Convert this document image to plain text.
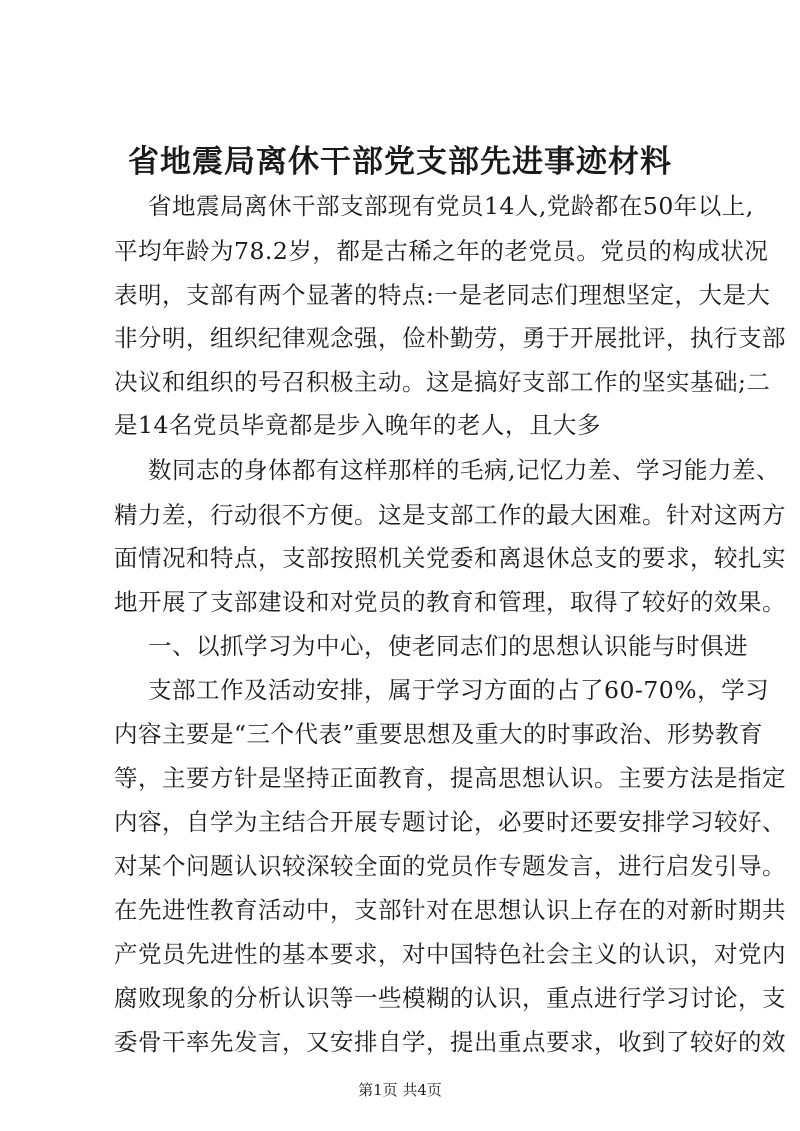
省地震局离休干部党支部先进事迹材料
省地震局离休干部支部现有党员14人,党龄都在50年以上,
平均年龄为78.2岁，都是古稀之年的老党员。党员的构成状况
表明，支部有两个显著的特点:一是老同志们理想坚定，大是大
非分明，组织纪律观念强，俭朴勤劳，勇于开展批评，执行支部
决议和组织的号召积极主动。这是搞好支部工作的坚实基础;二
是14名党员毕竟都是步入晚年的老人，且大多
数同志的身体都有这样那样的毛病,记忆力差、学习能力差、
精力差，行动很不方便。这是支部工作的最大困难。针对这两方
面情况和特点，支部按照机关党委和离退休总支的要求，较扎实
地开展了支部建设和对党员的教育和管理，取得了较好的效果。
一、以抓学习为中心，使老同志们的思想认识能与时俱进
支部工作及活动安排，属于学习方面的占了60-70%，学习
内容主要是“三个代表”重要思想及重大的时事政治、形势教育
等，主要方针是坚持正面教育，提高思想认识。主要方法是指定
内容，自学为主结合开展专题讨论，必要时还要安排学习较好、
对某个问题认识较深较全面的党员作专题发言，进行启发引导。
在先进性教育活动中，支部针对在思想认识上存在的对新时期共
产党员先进性的基本要求，对中国特色社会主义的认识，对党内
腐败现象的分析认识等一些模糊的认识，重点进行学习讨论，支
委骨干率先发言，又安排自学，提出重点要求，收到了较好的效
第1页 共4页
